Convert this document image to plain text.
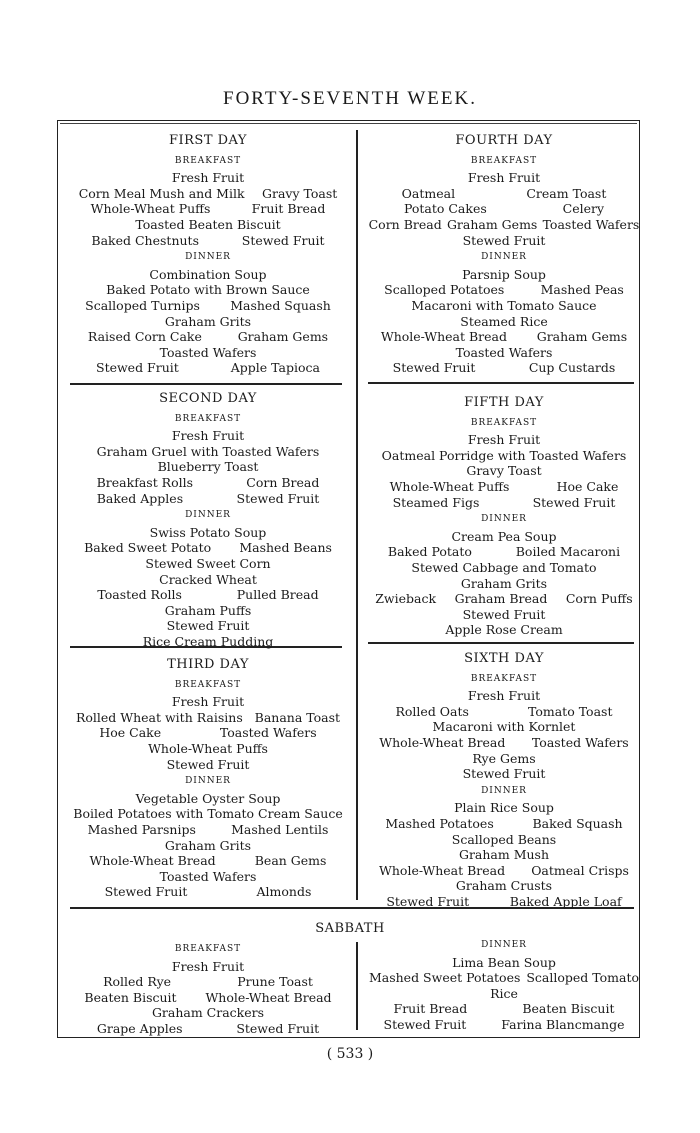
FORTY-SEVENTH WEEK.
FIRST DAY
BREAKFAST
Fresh Fruit
Corn Meal Mush and Milk Gravy Toast
Whole-Wheat Puffs	Fruit Bread
Toasted Beaten Biscuit
Baked Chestnuts	Stewed Fruit
DINNER
Combination Soup
Baked Potato with Brown Sauce
Scalloped Turnips Mashed Squash
Graham Grits
Raised Corn Cake	Graham Gems
Toasted Wafers
Stewed Fruit	Apple Tapioca
FOURTH DAY
BREAKFAST
Fresh Fruit
Oatmeal	Cream Toast
Potato Cakes	Celery
Corn Bread Graham Gems Toasted Wafers
Stewed Fruit
DINNER
Parsnip Soup
Scalloped Potatoes	Mashed Peas
Macaroni with Tomato Sauce
Steamed Rice
Whole-Wheat Bread Graham Gems
Toasted Wafers
Stewed Fruit	Cup Custards
SECOND DAY
BREAKFAST
Fresh Fruit
Graham Gruel with Toasted Wafers
Blueberry Toast
Breakfast Rolls	Corn Bread
Baked Apples	Stewed Fruit
DINNER
Swiss Potato Soup
Baked Sweet Potato Mashed Beans
Stewed Sweet Corn
Cracked Wheat
Toasted Rolls	Pulled Bread
Graham Puffs
Stewed Fruit
Rice Cream Pudding
FIFTH DAY
BREAKFAST
Fresh Fruit
Oatmeal Porridge with Toasted Wafers
Gravy Toast
Whole-Wheat Puffs	Hoe Cake
Steamed Figs	Stewed Fruit
DINNER
Cream Pea Soup
Baked Potato	Boiled Macaroni
Stewed Cabbage and Tomato
Graham Grits
Zwieback Graham Bread Corn Puffs
Stewed Fruit
Apple Rose Cream
THIRD DAY
BREAKFAST
Fresh Fruit
Rolled Wheat with Raisins Banana Toast
Hoe Cake	Toasted Wafers
Whole-Wheat Puffs
Stewed Fruit
DINNER
Vegetable Oyster Soup
Boiled Potatoes with Tomato Cream Sauce
Mashed Parsnips	Mashed Lentils
Graham Grits
Whole-Wheat Bread	Bean Gems
Toasted Wafers
Stewed Fruit	Almonds
SIXTH DAY
BREAKFAST
Fresh Fruit
Rolled Oats	Tomato Toast
Macaroni with Kornlet
Whole-Wheat Bread Toasted Wafers
Rye Gems
Stewed Fruit
DINNER
Plain Rice Soup
Mashed Potatoes	Baked Squash
Scalloped Beans
Graham Mush
Whole-Wheat Bread Oatmeal Crisps
Graham Crusts
Stewed Fruit	Baked Apple Loaf
SABBATH
BREAKFAST
Fresh Fruit
Rolled Rye	Prune Toast
Beaten Biscuit Whole-Wheat Bread
Graham Crackers
Grape Apples	Stewed Fruit
DINNER
Lima Bean Soup
Mashed Sweet Potatoes Scalloped Tomato
Rice
Fruit Bread	Beaten Biscuit
Stewed Fruit	Farina Blancmange
( 533 )
